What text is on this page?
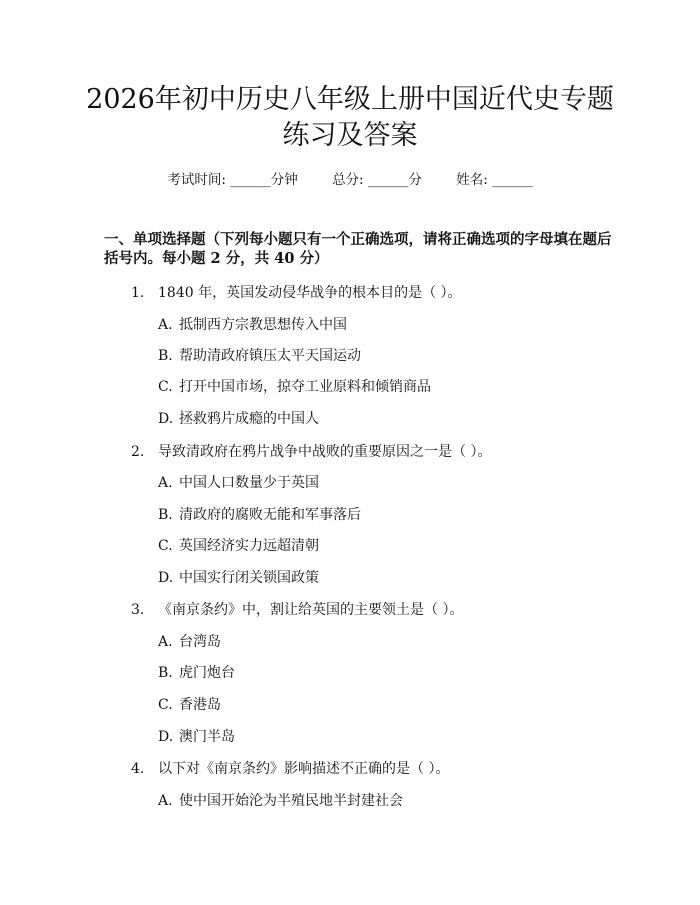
2026年初中历史八年级上册中国近代史专题
练习及答案
考试时间: ______分钟	总分: ______分	姓名: ______
一、单项选择题（下列每小题只有一个正确选项，请将正确选项的字母填在题后
括号内。每小题 2 分，共 40 分）
1. 1840 年，英国发动侵华战争的根本目的是（ ）。
A. 抵制西方宗教思想传入中国
B. 帮助清政府镇压太平天国运动
C. 打开中国市场，掠夺工业原料和倾销商品
D. 拯救鸦片成瘾的中国人
2. 导致清政府在鸦片战争中战败的重要原因之一是（ ）。
A. 中国人口数量少于英国
B. 清政府的腐败无能和军事落后
C. 英国经济实力远超清朝
D. 中国实行闭关锁国政策
3. 《南京条约》中，割让给英国的主要领土是（ ）。
A. 台湾岛
B. 虎门炮台
C. 香港岛
D. 澳门半岛
4. 以下对《南京条约》影响描述不正确的是（ ）。
A. 使中国开始沦为半殖民地半封建社会
